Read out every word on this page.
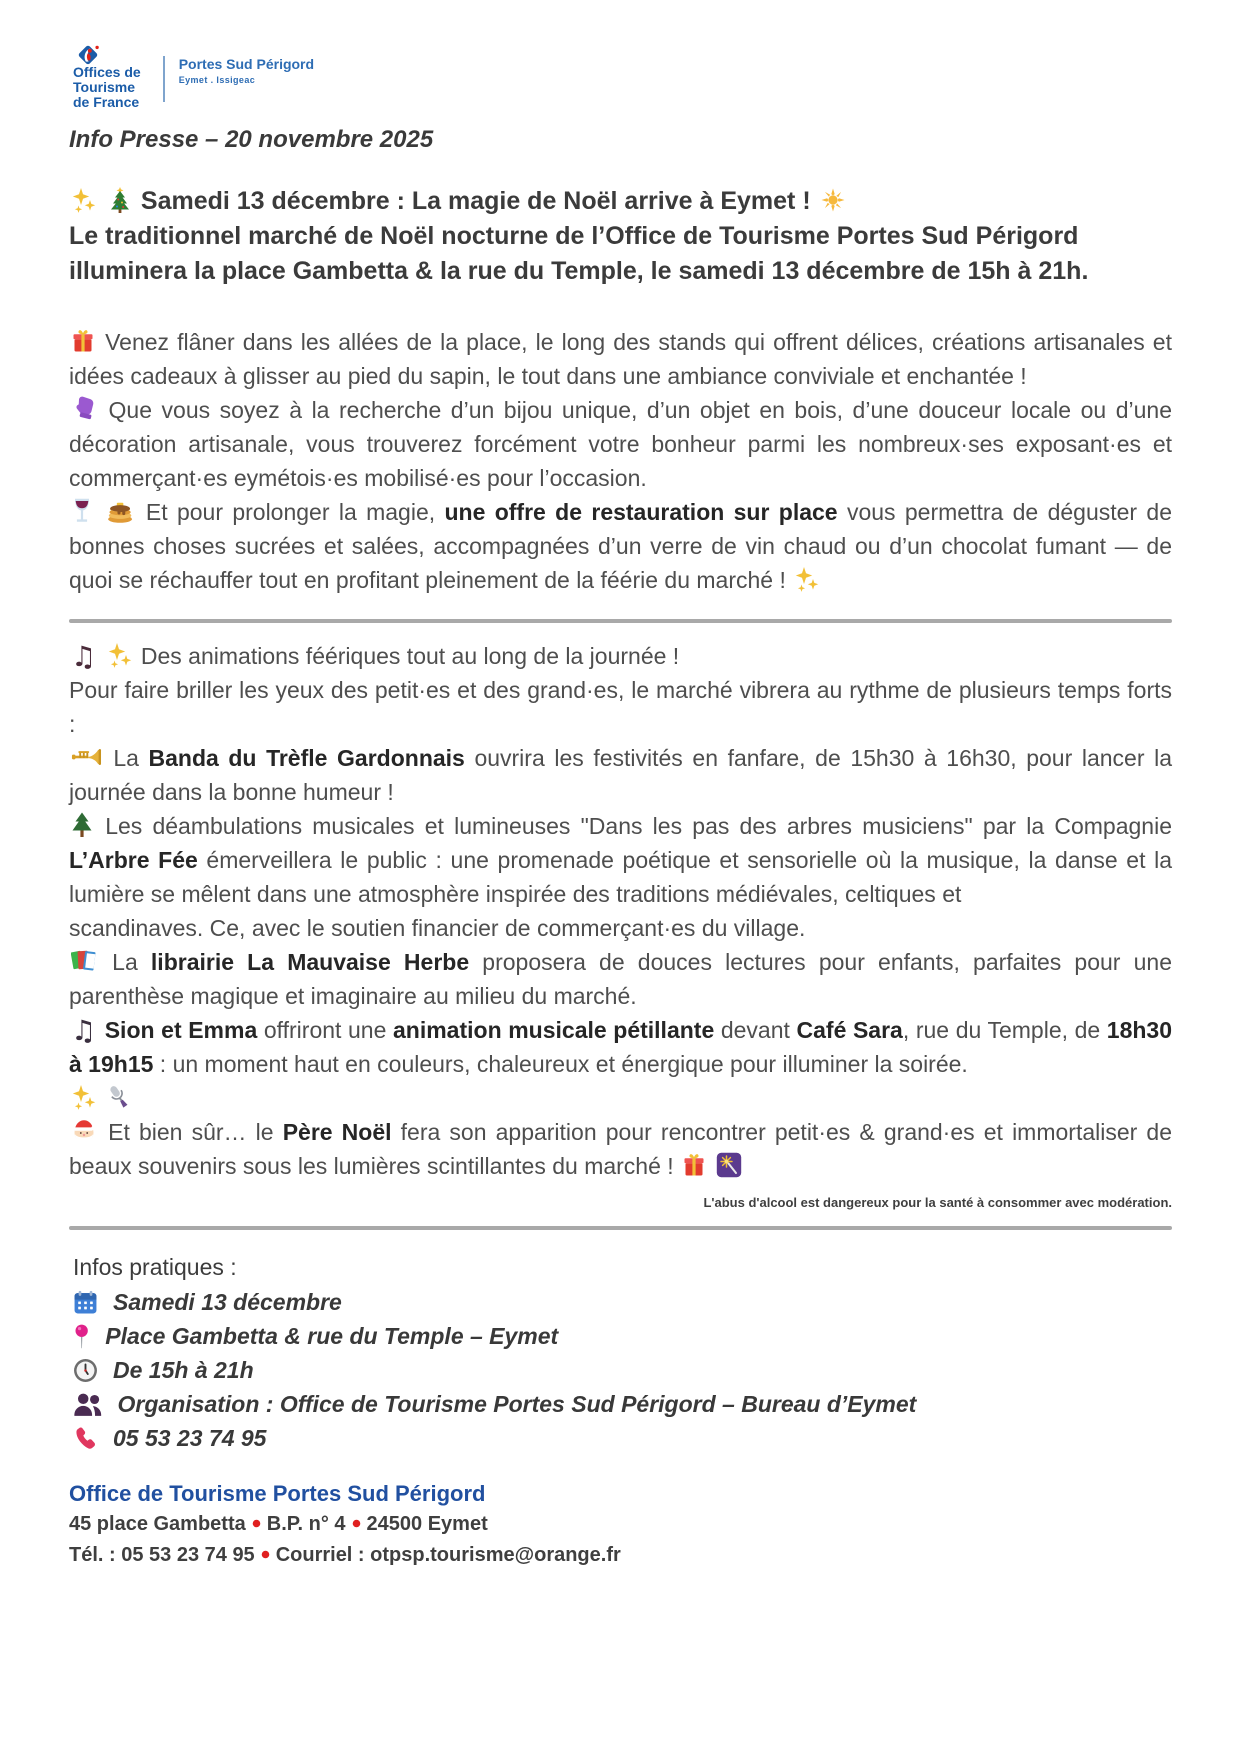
Offices de
Tourisme
de France
Portes Sud Périgord
Eymet . Issigeac

Info Presse – 20 novembre 2025

Samedi 13 décembre : La magie de Noël arrive à Eymet !

Le traditionnel marché de Noël nocturne de l’Office de Tourisme Portes Sud Périgord illuminera la place Gambetta & la rue du Temple, le samedi 13 décembre de 15h à 21h.

Venez flâner dans les allées de la place, le long des stands qui offrent délices, créations artisanales et idées cadeaux à glisser au pied du sapin, le tout dans une ambiance conviviale et enchantée !

Que vous soyez à la recherche d’un bijou unique, d’un objet en bois, d’une douceur locale ou d’une décoration artisanale, vous trouverez forcément votre bonheur parmi les nombreux·ses exposant·es et commerçant·es eymétois·es mobilisé·es pour l’occasion.

Et pour prolonger la magie, une offre de restauration sur place vous permettra de déguster de bonnes choses sucrées et salées, accompagnées d’un verre de vin chaud ou d’un chocolat fumant — de quoi se réchauffer tout en profitant pleinement de la féérie du marché !

♫  Des animations féériques tout au long de la journée !

Pour faire briller les yeux des petit·es et des grand·es, le marché vibrera au rythme de plusieurs temps forts :

La Banda du Trèfle Gardonnais ouvrira les festivités en fanfare, de 15h30 à 16h30, pour lancer la journée dans la bonne humeur !

Les déambulations musicales et lumineuses "Dans les pas des arbres musiciens" par la Compagnie L’Arbre Fée émerveillera le public : une promenade poétique et sensorielle où la musique, la danse et la lumière se mêlent dans une atmosphère inspirée des traditions médiévales, celtiques et
scandinaves. Ce, avec le soutien financier de commerçant·es du village.

La librairie La Mauvaise Herbe proposera de douces lectures pour enfants, parfaites pour une parenthèse magique et imaginaire au milieu du marché.

♫ Sion et Emma offriront une animation musicale pétillante devant Café Sara, rue du Temple, de 18h30 à 19h15 : un moment haut en couleurs, chaleureux et énergique pour illuminer la soirée.

Et bien sûr… le Père Noël fera son apparition pour rencontrer petit·es & grand·es et immortaliser de beaux souvenirs sous les lumières scintillantes du marché !

L'abus d'alcool est dangereux pour la santé à consommer avec modération.

Infos pratiques :

Samedi 13 décembre
Place Gambetta & rue du Temple – Eymet
De 15h à 21h
Organisation : Office de Tourisme Portes Sud Périgord – Bureau d’Eymet
05 53 23 74 95

Office de Tourisme Portes Sud Périgord

45 place Gambetta B.P. n° 4 24500 Eymet

Tél. : 05 53 23 74 95 Courriel : otpsp.tourisme@orange.fr
